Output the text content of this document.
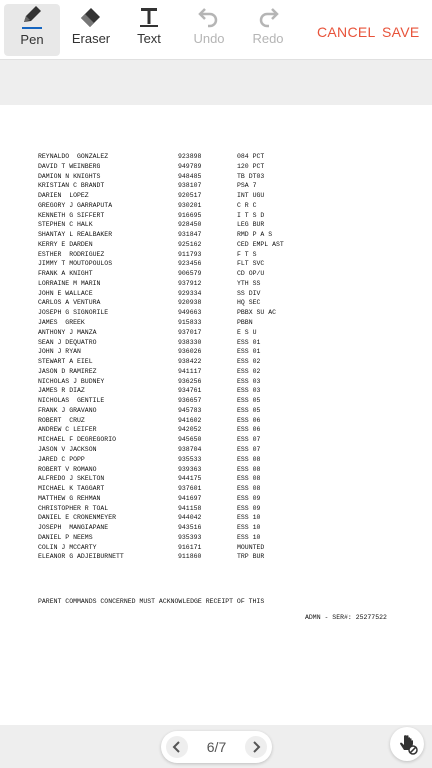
Pen Eraser Text	Undo Redo CANCEL SAVE
REYNALDO  GONZALEZ	923898	084 PCT
DAVID T WEINBERG	949789	120 PCT
DAMION N KNIGHTS	948485	TB DT03
KRISTIAN C BRANDT	938107	PSA 7
DARIEN  LOPEZ	920517	INT UGU
GREGORY J GARRAPUTA	930201	C R C
KENNETH G SIFFERT	916695	I T S D
STEPHEN C HALK	928450	LEG BUR
SHANTAY L REALBAKER	931847	RMD P A S
KERRY E DARDEN	925162	CED EMPL AST
ESTHER  RODRIGUEZ	911793	F T S
JIMMY T MOUTOPOULOS	923456	FLT SVC
FRANK A KNIGHT	906579	CD OP/U
LORRAINE M MARIN	937912	YTH SS
JOHN E WALLACE	929334	SS DIV
CARLOS A VENTURA	920938	HQ SEC
JOSEPH G SIGNORILE	949663	PBBX SU AC
JAMES  GREEK	915833	PBBN
ANTHONY J MANZA	937017	E S U
SEAN J DEQUATRO	938330	ESS 01
JOHN J RYAN	936026	ESS 01
STEWART A EIEL	938422	ESS 02
JASON D RAMIREZ	941117	ESS 02
NICHOLAS J BUDNEY	936256	ESS 03
JAMES R DIAZ	934761	ESS 03
NICHOLAS  GENTILE	936657	ESS 05
FRANK J GRAVANO	945783	ESS 05
ROBERT  CRUZ	941602	ESS 06
ANDREW C LEIFER	942052	ESS 06
MICHAEL F DEGREGORIO	945650	ESS 07
JASON V JACKSON	938704	ESS 07
JARED C POPP	935533	ESS 08
ROBERT V ROMANO	939363	ESS 08
ALFREDO J SKELTON	944175	ESS 08
MICHAEL K TAGGART	937601	ESS 08
MATTHEW G REHMAN	941697	ESS 09
CHRISTOPHER R TOAL	941158	ESS 09
DANIEL E CRONENMEYER	944042	ESS 10
JOSEPH  MANGIAPANE	943516	ESS 10
DANIEL P NEEMS	935393	ESS 10
COLIN J MCCARTY	916171	MOUNTED
ELEANOR G ADJEIBURNETT	911860	TRP BUR
PARENT COMMANDS CONCERNED MUST ACKNOWLEDGE RECEIPT OF THIS
ADMN - SER#: 25277522
6/7
